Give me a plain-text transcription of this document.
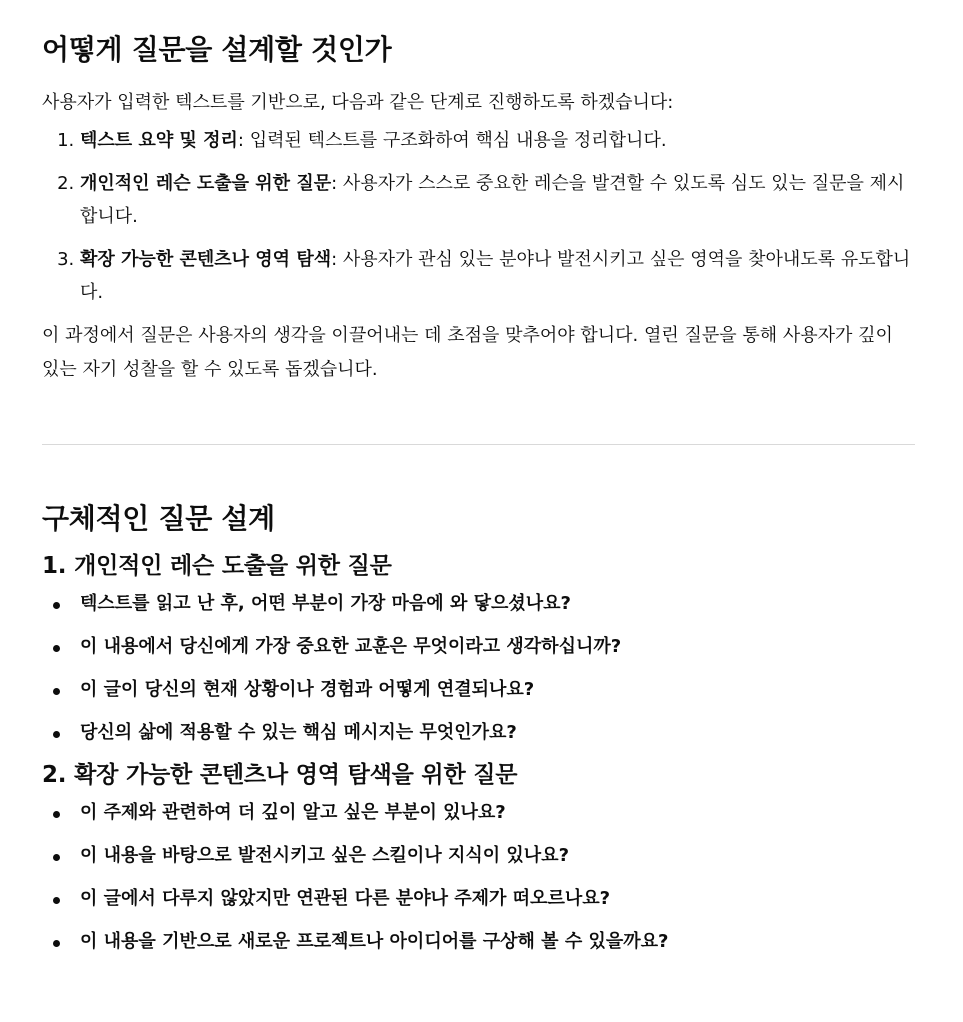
어떻게 질문을 설계할 것인가

사용자가 입력한 텍스트를 기반으로, 다음과 같은 단계로 진행하도록 하겠습니다:

1. 텍스트 요약 및 정리: 입력된 텍스트를 구조화하여 핵심 내용을 정리합니다.
2. 개인적인 레슨 도출을 위한 질문: 사용자가 스스로 중요한 레슨을 발견할 수 있도록 심도 있는 질문을 제시합니다.
3. 확장 가능한 콘텐츠나 영역 탐색: 사용자가 관심 있는 분야나 발전시키고 싶은 영역을 찾아내도록 유도합니다.

이 과정에서 질문은 사용자의 생각을 이끌어내는 데 초점을 맞추어야 합니다. 열린 질문을 통해 사용자가 깊이 있는 자기 성찰을 할 수 있도록 돕겠습니다.

구체적인 질문 설계
1. 개인적인 레슨 도출을 위한 질문
텍스트를 읽고 난 후, 어떤 부분이 가장 마음에 와 닿으셨나요?
이 내용에서 당신에게 가장 중요한 교훈은 무엇이라고 생각하십니까?
이 글이 당신의 현재 상황이나 경험과 어떻게 연결되나요?
당신의 삶에 적용할 수 있는 핵심 메시지는 무엇인가요?
2. 확장 가능한 콘텐츠나 영역 탐색을 위한 질문
이 주제와 관련하여 더 깊이 알고 싶은 부분이 있나요?
이 내용을 바탕으로 발전시키고 싶은 스킬이나 지식이 있나요?
이 글에서 다루지 않았지만 연관된 다른 분야나 주제가 떠오르나요?
이 내용을 기반으로 새로운 프로젝트나 아이디어를 구상해 볼 수 있을까요?
